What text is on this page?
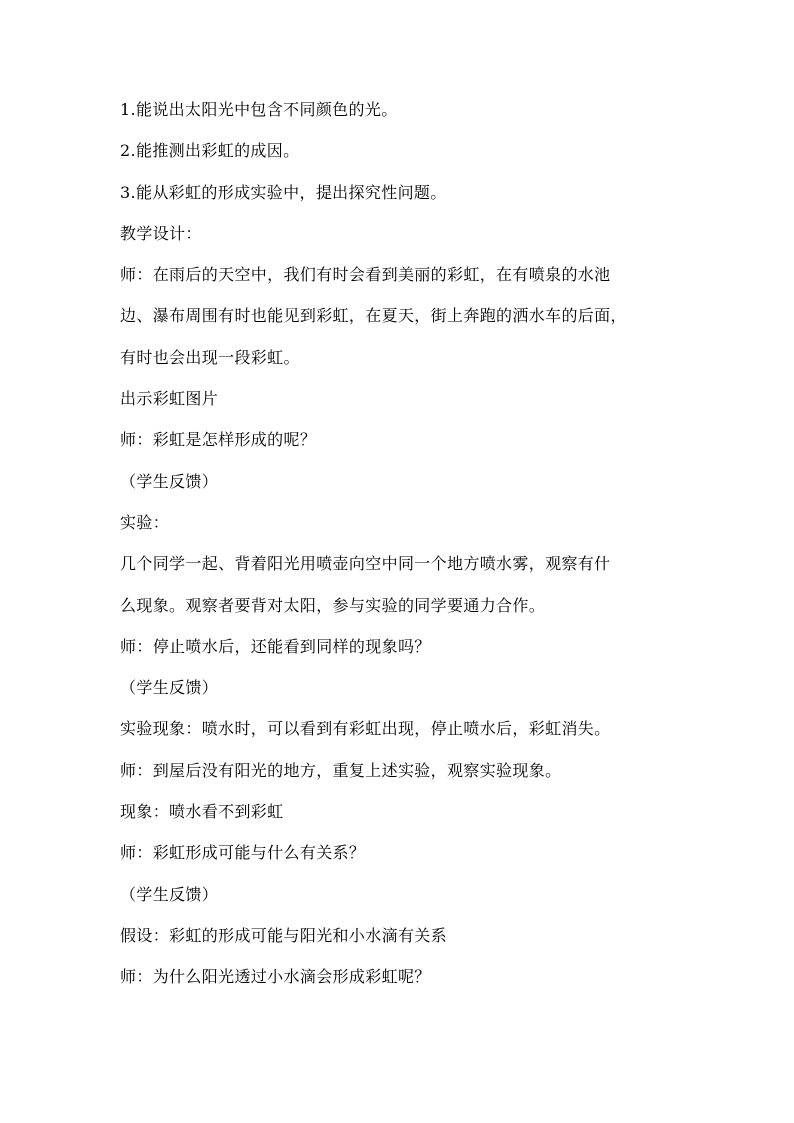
1.能说出太阳光中包含不同颜色的光。
2.能推测出彩虹的成因。
3.能从彩虹的形成实验中，提出探究性问题。
教学设计：
师：在雨后的天空中，我们有时会看到美丽的彩虹，在有喷泉的水池
边、瀑布周围有时也能见到彩虹，在夏天，街上奔跑的洒水车的后面，
有时也会出现一段彩虹。
出示彩虹图片
师：彩虹是怎样形成的呢？
（学生反馈）
实验：
几个同学一起、背着阳光用喷壶向空中同一个地方喷水雾，观察有什
么现象。观察者要背对太阳，参与实验的同学要通力合作。
师：停止喷水后，还能看到同样的现象吗？
（学生反馈）
实验现象：喷水时，可以看到有彩虹出现，停止喷水后，彩虹消失。
师：到屋后没有阳光的地方，重复上述实验，观察实验现象。
现象：喷水看不到彩虹
师：彩虹形成可能与什么有关系？
（学生反馈）
假设：彩虹的形成可能与阳光和小水滴有关系
师：为什么阳光透过小水滴会形成彩虹呢？
